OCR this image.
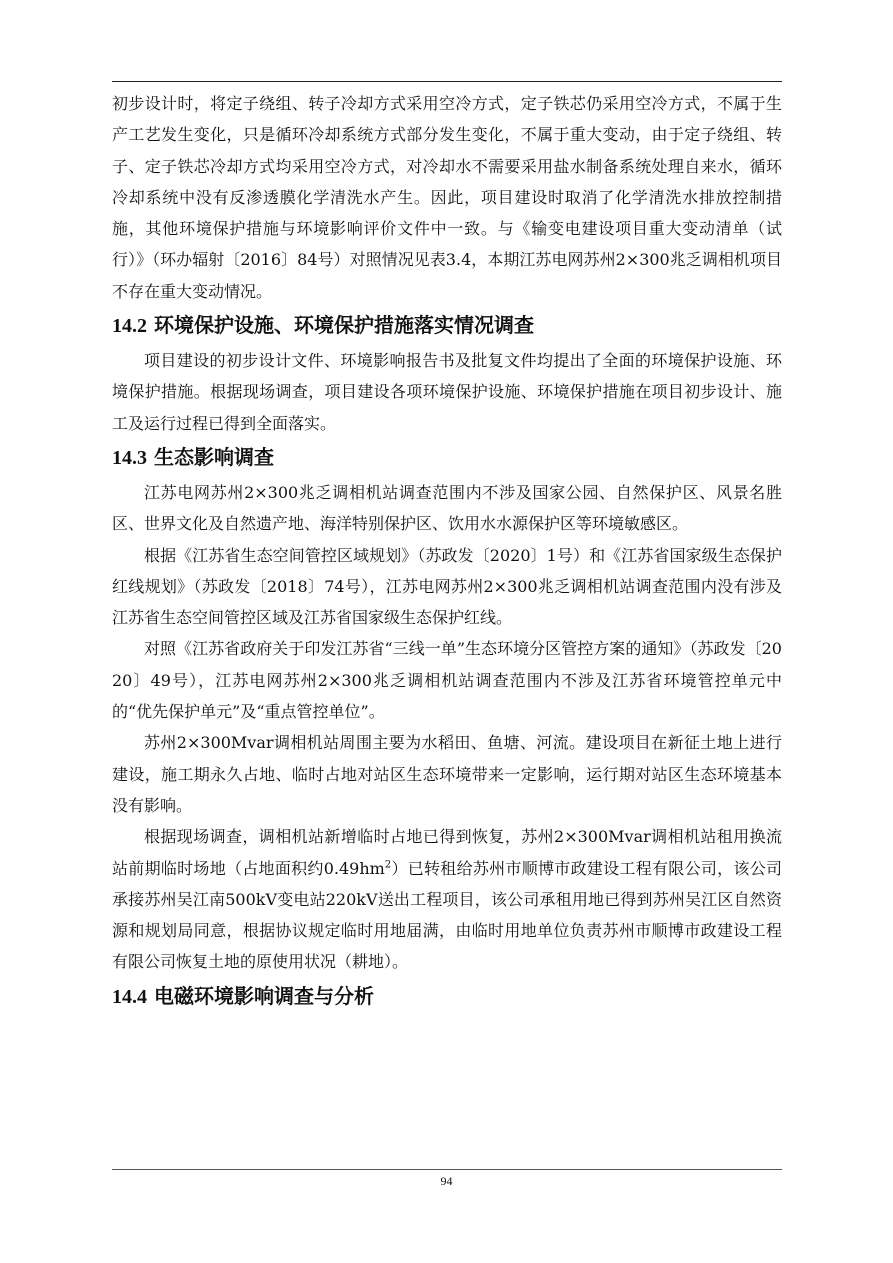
初步设计时，将定子绕组、转子冷却方式采用空冷方式，定子铁芯仍采用空冷方式，不属于生产工艺发生变化，只是循环冷却系统方式部分发生变化，不属于重大变动，由于定子绕组、转子、定子铁芯冷却方式均采用空冷方式，对冷却水不需要采用盐水制备系统处理自来水，循环冷却系统中没有反渗透膜化学清洗水产生。因此，项目建设时取消了化学清洗水排放控制措施，其他环境保护措施与环境影响评价文件中一致。与《输变电建设项目重大变动清单（试行）》（环办辐射〔2016〕84号）对照情况见表3.4，本期江苏电网苏州2×300兆乏调相机项目不存在重大变动情况。

14.2 环境保护设施、环境保护措施落实情况调查

项目建设的初步设计文件、环境影响报告书及批复文件均提出了全面的环境保护设施、环境保护措施。根据现场调查，项目建设各项环境保护设施、环境保护措施在项目初步设计、施工及运行过程已得到全面落实。

14.3 生态影响调查

江苏电网苏州2×300兆乏调相机站调查范围内不涉及国家公园、自然保护区、风景名胜区、世界文化及自然遗产地、海洋特别保护区、饮用水水源保护区等环境敏感区。

根据《江苏省生态空间管控区域规划》（苏政发〔2020〕1号）和《江苏省国家级生态保护红线规划》（苏政发〔2018〕74号），江苏电网苏州2×300兆乏调相机站调查范围内没有涉及江苏省生态空间管控区域及江苏省国家级生态保护红线。

对照《江苏省政府关于印发江苏省“三线一单”生态环境分区管控方案的通知》（苏政发〔2020〕49号），江苏电网苏州2×300兆乏调相机站调查范围内不涉及江苏省环境管控单元中的“优先保护单元”及“重点管控单位”。

苏州2×300Mvar调相机站周围主要为水稻田、鱼塘、河流。建设项目在新征土地上进行建设，施工期永久占地、临时占地对站区生态环境带来一定影响，运行期对站区生态环境基本没有影响。

根据现场调查，调相机站新增临时占地已得到恢复，苏州2×300Mvar调相机站租用换流站前期临时场地（占地面积约$0.49hm^2$）已转租给苏州市顺博市政建设工程有限公司，该公司承接苏州吴江南500kV变电站220kV送出工程项目，该公司承租用地已得到苏州吴江区自然资源和规划局同意，根据协议规定临时用地届满，由临时用地单位负责苏州市顺博市政建设工程有限公司恢复土地的原使用状况（耕地）。

14.4 电磁环境影响调查与分析
94
